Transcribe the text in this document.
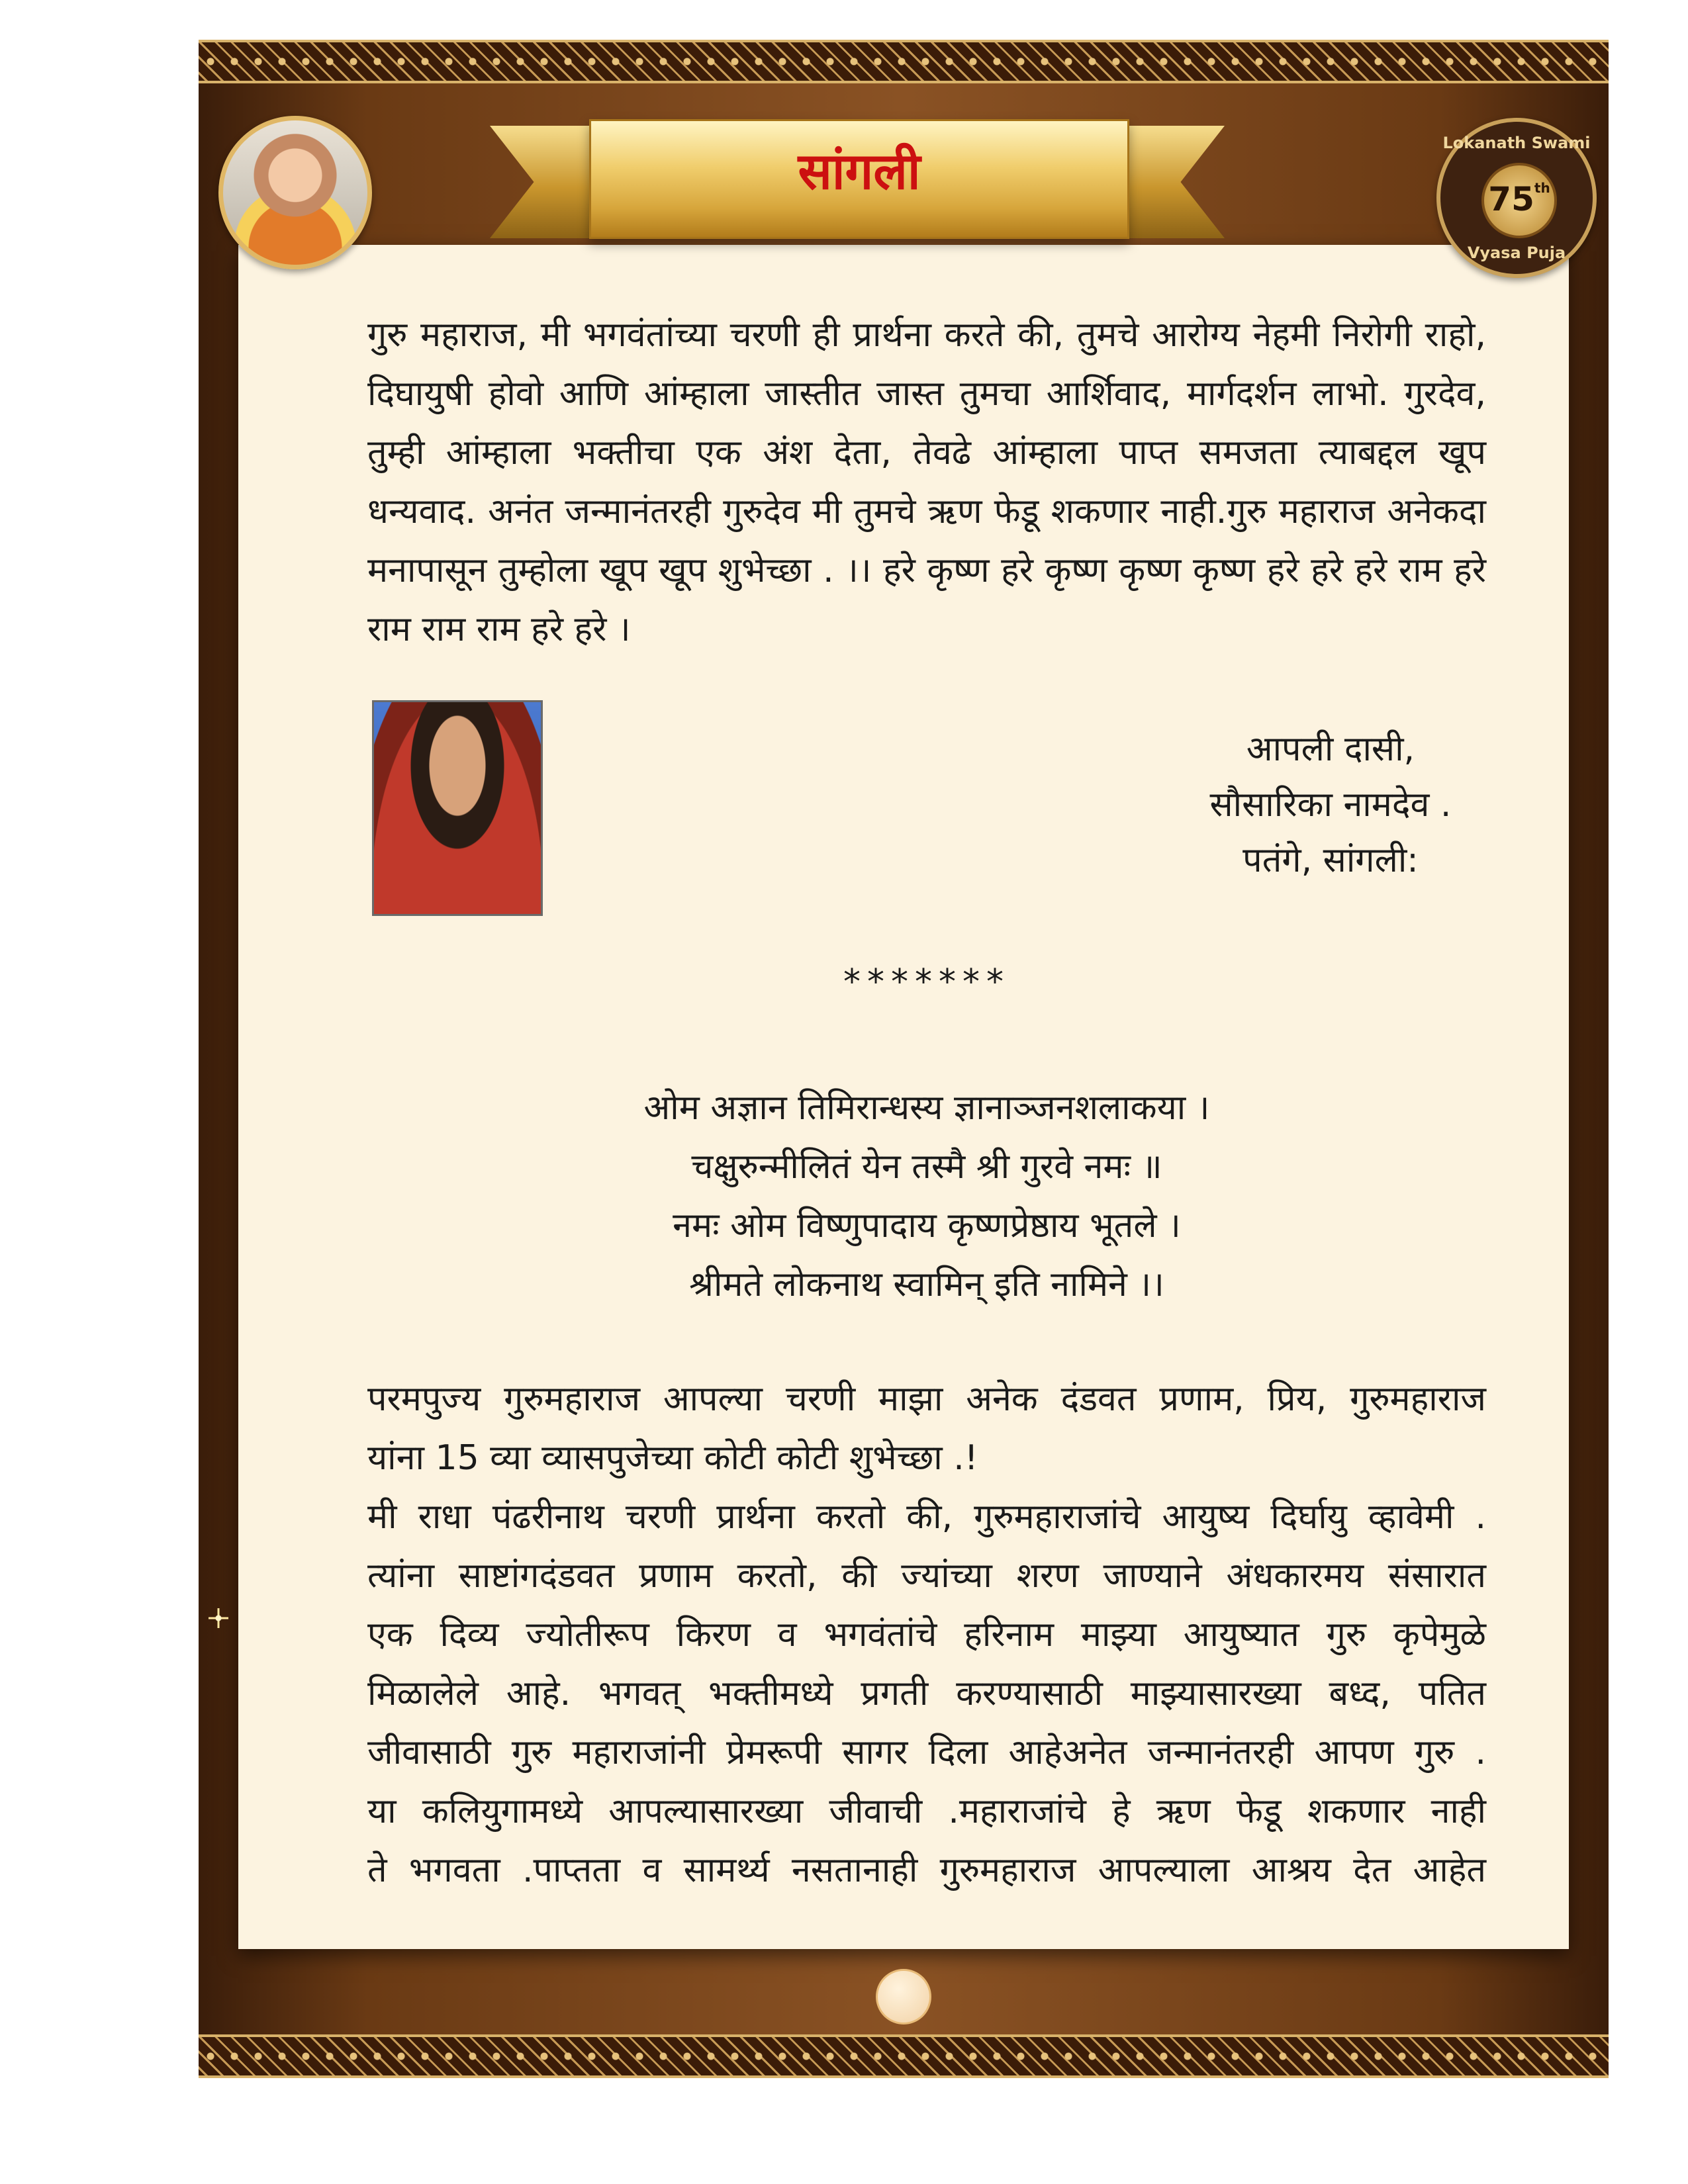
सांगली	Lokanath Swami
75th
Vyasa Puja
गुरु महाराज, मी भगवंतांच्या चरणी ही प्रार्थना करते की, तुमचे आरोग्य नेहमी निरोगी राहो, दिघायुषी होवो आणि आंम्हाला जास्तीत जास्त तुमचा आर्शिवाद, मार्गदर्शन लाभो. गुरदेव, तुम्ही आंम्हाला भक्तीचा एक अंश देता, तेवढे आंम्हाला पाप्त समजता त्याबद्दल खूप धन्यवाद. अनंत जन्मानंतरही गुरुदेव मी तुमचे ऋण फेडू शकणार नाही.गुरु महाराज अनेकदा मनापासून तुम्होला खूप खूप शुभेच्छा . ।। हरे कृष्ण हरे कृष्ण कृष्ण कृष्ण हरे हरे हरे राम हरे राम राम राम हरे हरे ।
आपली दासी,
सौसारिका नामदेव .
पतंगे, सांगली:
*******
ओम अज्ञान तिमिरान्धस्य ज्ञानाञ्जनशलाकया ।
चक्षुरुन्मीलितं येन तस्मै श्री गुरवे नमः ॥
नमः ओम विष्णुपादाय कृष्णप्रेष्ठाय भूतले ।
श्रीमते लोकनाथ स्वामिन् इति नामिने ।।
परमपुज्य गुरुमहाराज आपल्या चरणी माझा अनेक दंडवत प्रणाम, प्रिय, गुरुमहाराज
यांना 15 व्या व्यासपुजेच्या कोटी कोटी शुभेच्छा .!
मी राधा पंढरीनाथ चरणी प्रार्थना करतो की, गुरुमहाराजांचे आयुष्य दिर्घायु व्हावेमी .
त्यांना साष्टांगदंडवत प्रणाम करतो, की ज्यांच्या शरण जाण्याने अंधकारमय संसारात
एक दिव्य ज्योतीरूप किरण व भगवंतांचे हरिनाम माझ्या आयुष्यात गुरु कृपेमुळे
मिळालेले आहे. भगवत् भक्तीमध्ये प्रगती करण्यासाठी माझ्यासारख्या बध्द, पतित
जीवासाठी गुरु महाराजांनी प्रेमरूपी सागर दिला आहेअनेत जन्मानंतरही आपण गुरु .
या कलियुगामध्ये आपल्यासारख्या जीवाची .महाराजांचे हे ऋण फेडू शकणार नाही
ते भगवता .पाप्तता व सामर्थ्य नसतानाही गुरुमहाराज आपल्याला आश्रय देत आहेत
